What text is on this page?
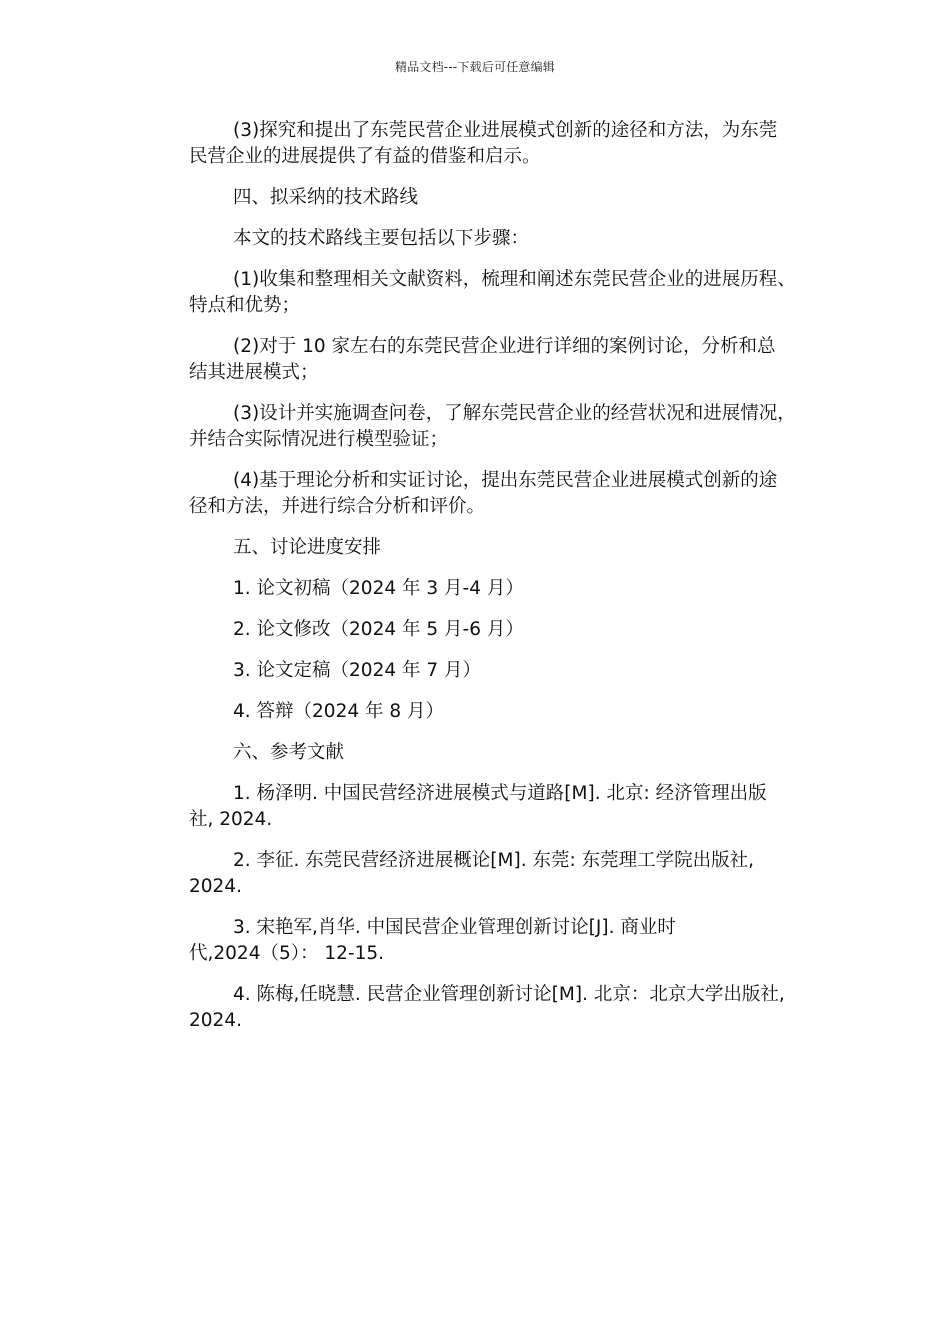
精品文档---下载后可任意编辑
(3)探究和提出了东莞民营企业进展模式创新的途径和方法，为东莞
民营企业的进展提供了有益的借鉴和启示。
四、拟采纳的技术路线
本文的技术路线主要包括以下步骤：
(1)收集和整理相关文献资料，梳理和阐述东莞民营企业的进展历程、
特点和优势；
(2)对于 10 家左右的东莞民营企业进行详细的案例讨论，分析和总
结其进展模式；
(3)设计并实施调查问卷，了解东莞民营企业的经营状况和进展情况，
并结合实际情况进行模型验证；
(4)基于理论分析和实证讨论，提出东莞民营企业进展模式创新的途
径和方法，并进行综合分析和评价。
五、讨论进度安排
1. 论文初稿（2024 年 3 月-4 月）
2. 论文修改（2024 年 5 月-6 月）
3. 论文定稿（2024 年 7 月）
4. 答辩（2024 年 8 月）
六、参考文献
1. 杨泽明. 中国民营经济进展模式与道路[M]. 北京: 经济管理出版
社, 2024.
2. 李征. 东莞民营经济进展概论[M]. 东莞: 东莞理工学院出版社,
2024.
3. 宋艳军,肖华. 中国民营企业管理创新讨论[J]. 商业时
代,2024（5）： 12-15.
4. 陈梅,任晓慧. 民营企业管理创新讨论[M]. 北京：北京大学出版社,
2024.
